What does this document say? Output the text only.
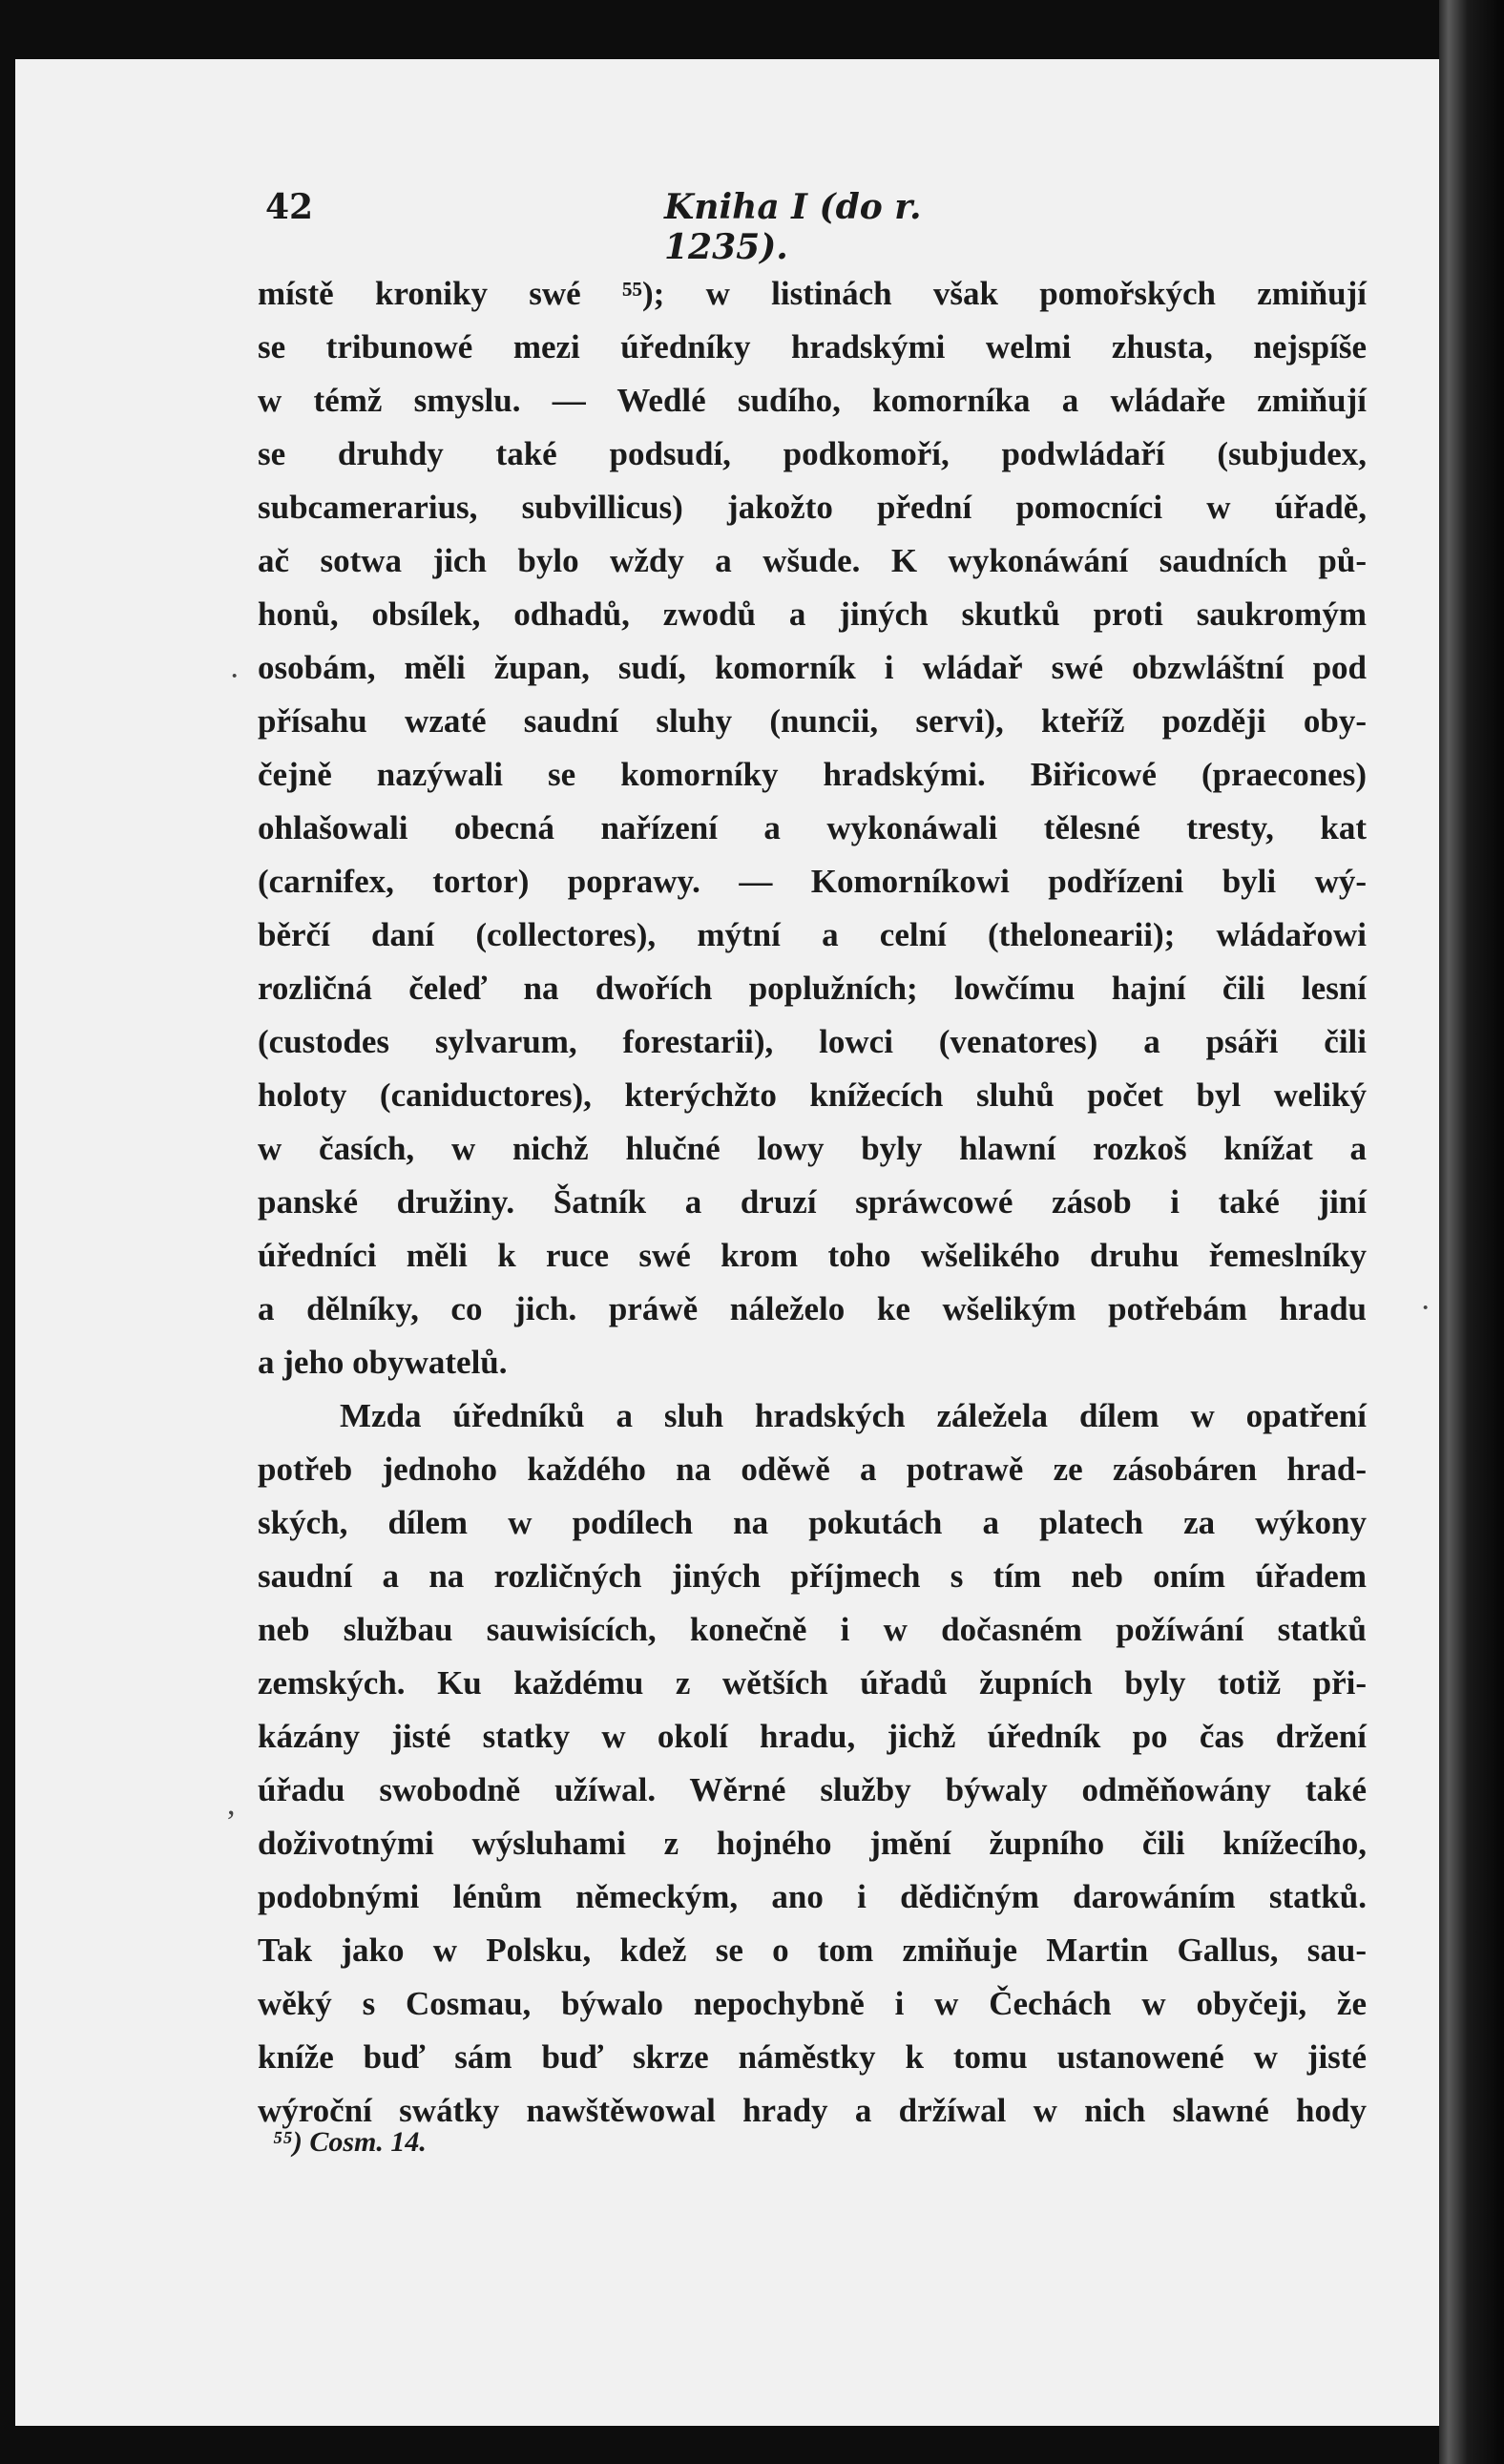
42	Kniha I (do r. 1235).
místě kroniky swé ⁵⁵); w listinách však pomořských zmiňují
se tribunowé mezi úředníky hradskými welmi zhusta, nejspíše
w témž smyslu. — Wedlé sudího, komorníka a wládaře zmiňují
se druhdy také podsudí, podkomoří, podwládaří (subjudex,
subcamerarius, subvillicus) jakožto přední pomocníci w úřadě,
ač sotwa jich bylo wždy a wšude. K wykonáwání saudních pů-
honů, obsílek, odhadů, zwodů a jiných skutků proti saukromým
osobám, měli župan, sudí, komorník i wládař swé obzwláštní pod
přísahu wzaté saudní sluhy (nuncii, servi), kteříž později oby-
čejně nazýwali se komorníky hradskými. Biřicowé (praecones)
ohlašowali obecná nařízení a wykonáwali tělesné tresty, kat
(carnifex, tortor) poprawy. — Komorníkowi podřízeni byli wý-
běrčí daní (collectores), mýtní a celní (thelonearii); wládařowi
rozličná čeleď na dwořích poplužních; lowčímu hajní čili lesní
(custodes sylvarum, forestarii), lowci (venatores) a psáři čili
holoty (caniductores), kterýchžto knížecích sluhů počet byl weliký
w časích, w nichž hlučné lowy byly hlawní rozkoš knížat a
panské družiny. Šatník a druzí spráwcowé zásob i také jiní
úředníci měli k ruce swé krom toho wšelikého druhu řemeslníky
a dělníky, co jich. práwě náleželo ke wšelikým potřebám hradu
a jeho obywatelů.
Mzda úředníků a sluh hradských záležela dílem w opatření
potřeb jednoho každého na oděwě a potrawě ze zásobáren hrad-
ských, dílem w podílech na pokutách a platech za wýkony
saudní a na rozličných jiných příjmech s tím neb oním úřadem
neb službau sauwisících, konečně i w dočasném požíwání statků
zemských. Ku každému z wětších úřadů župních byly totiž při-
kázány jisté statky w okolí hradu, jichž úředník po čas držení
úřadu swobodně užíwal. Wěrné služby býwaly odměňowány také
doživotnými wýsluhami z hojného jmění župního čili knížecího,
podobnými lénům německým, ano i dědičným darowáním statků.
Tak jako w Polsku, kdež se o tom zmiňuje Martin Gallus, sau-
wěký s Cosmau, býwalo nepochybně i w Čechách w obyčeji, že
kníže buď sám buď skrze náměstky k tomu ustanowené w jisté
wýroční swátky nawštěwowal hrady a držíwal w nich slawné hody
⁵⁵) Cosm. 14.
·
·
,
